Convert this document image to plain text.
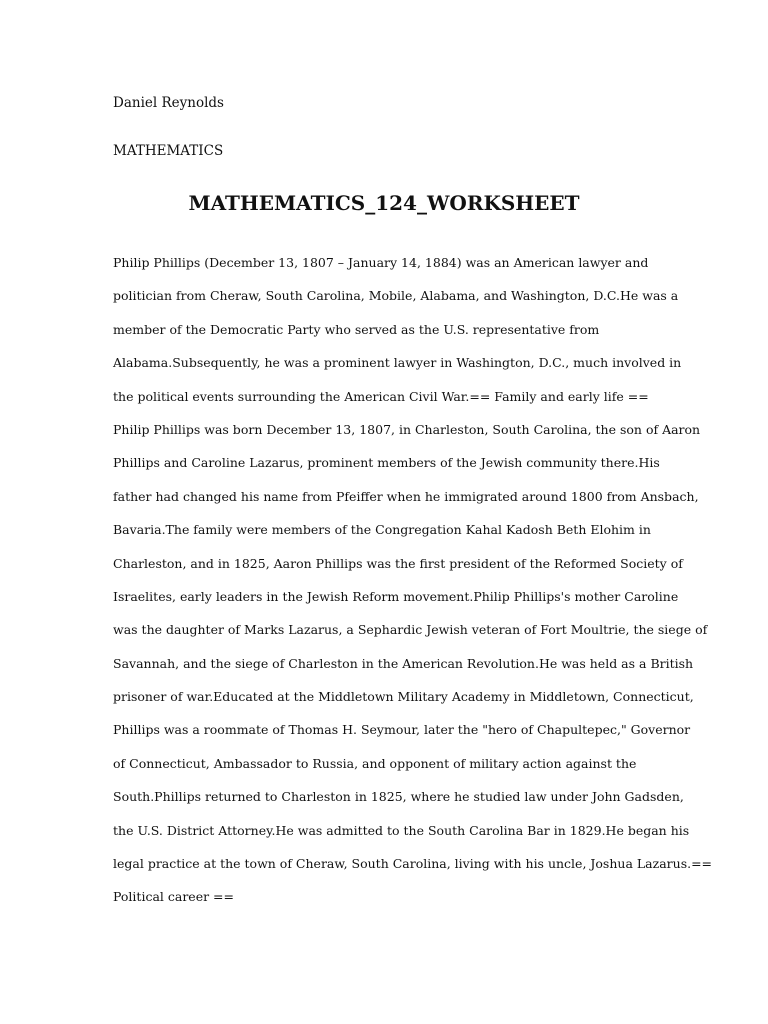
Daniel Reynolds
MATHEMATICS
MATHEMATICS_124_WORKSHEET
Philip Phillips (December 13, 1807 – January 14, 1884) was an American lawyer and
politician from Cheraw, South Carolina, Mobile, Alabama, and Washington, D.C.He was a
member of the Democratic Party who served as the U.S. representative from
Alabama.Subsequently, he was a prominent lawyer in Washington, D.C., much involved in
the political events surrounding the American Civil War.== Family and early life ==
Philip Phillips was born December 13, 1807, in Charleston, South Carolina, the son of Aaron
Phillips and Caroline Lazarus, prominent members of the Jewish community there.His
father had changed his name from Pfeiffer when he immigrated around 1800 from Ansbach,
Bavaria.The family were members of the Congregation Kahal Kadosh Beth Elohim in
Charleston, and in 1825, Aaron Phillips was the first president of the Reformed Society of
Israelites, early leaders in the Jewish Reform movement.Philip Phillips's mother Caroline
was the daughter of Marks Lazarus, a Sephardic Jewish veteran of Fort Moultrie, the siege of
Savannah, and the siege of Charleston in the American Revolution.He was held as a British
prisoner of war.Educated at the Middletown Military Academy in Middletown, Connecticut,
Phillips was a roommate of Thomas H. Seymour, later the "hero of Chapultepec," Governor
of Connecticut, Ambassador to Russia, and opponent of military action against the
South.Phillips returned to Charleston in 1825, where he studied law under John Gadsden,
the U.S. District Attorney.He was admitted to the South Carolina Bar in 1829.He began his
legal practice at the town of Cheraw, South Carolina, living with his uncle, Joshua Lazarus.==
Political career ==
